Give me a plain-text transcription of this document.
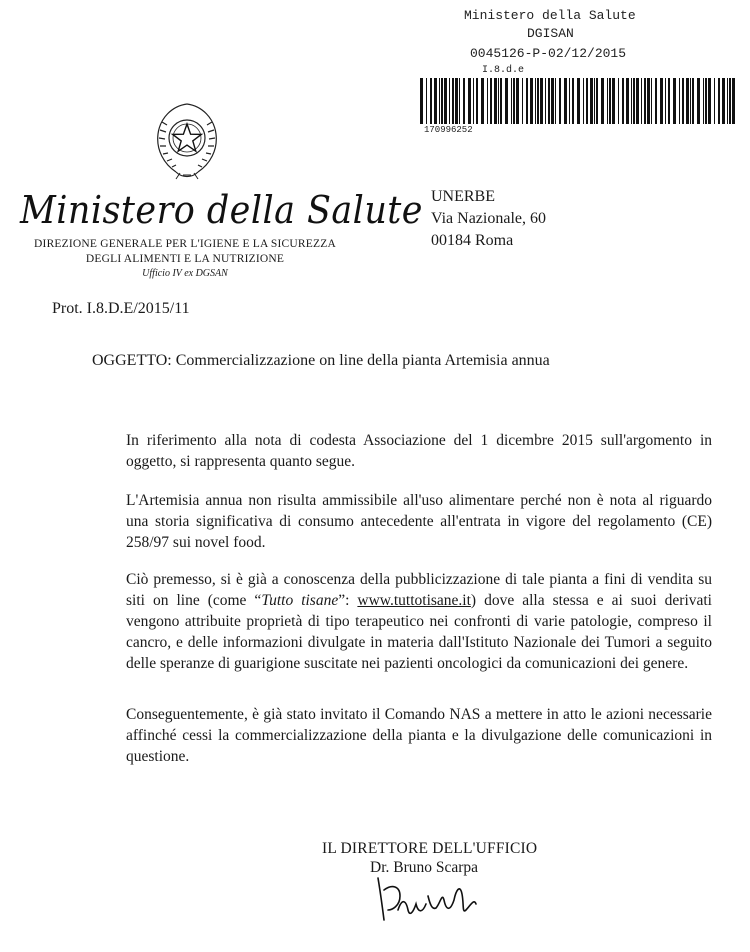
Ministero della Salute
DGISAN
0045126-P-02/12/2015
I.8.d.e
170996252
Ministero della Salute
DIREZIONE GENERALE PER L'IGIENE E LA SICUREZZA
DEGLI ALIMENTI E LA NUTRIZIONE
Ufficio IV ex DGSAN
UNERBE
Via Nazionale, 60
00184 Roma
Prot. I.8.D.E/2015/11
OGGETTO: Commercializzazione on line della pianta Artemisia annua
In riferimento alla nota di codesta Associazione del 1 dicembre 2015 sull'argomento in oggetto, si rappresenta quanto segue.
L'Artemisia annua non risulta ammissibile all'uso alimentare perché non è nota al riguardo una storia significativa di consumo antecedente all'entrata in vigore del regolamento (CE) 258/97 sui novel food.
Ciò premesso, si è già a conoscenza della pubblicizzazione di tale pianta a fini di vendita su siti on line (come “Tutto tisane”: www.tuttotisane.it) dove alla stessa e ai suoi derivati vengono attribuite proprietà di tipo terapeutico nei confronti di varie patologie, compreso il cancro, e delle informazioni divulgate in materia dall'Istituto Nazionale dei Tumori a seguito delle speranze di guarigione suscitate nei pazienti oncologici da comunicazioni dei genere.
Conseguentemente, è già stato invitato il Comando NAS a mettere in atto le azioni necessarie affinché cessi la commercializzazione della pianta e la divulgazione delle comunicazioni in questione.
IL DIRETTORE DELL'UFFICIO
Dr. Bruno Scarpa
